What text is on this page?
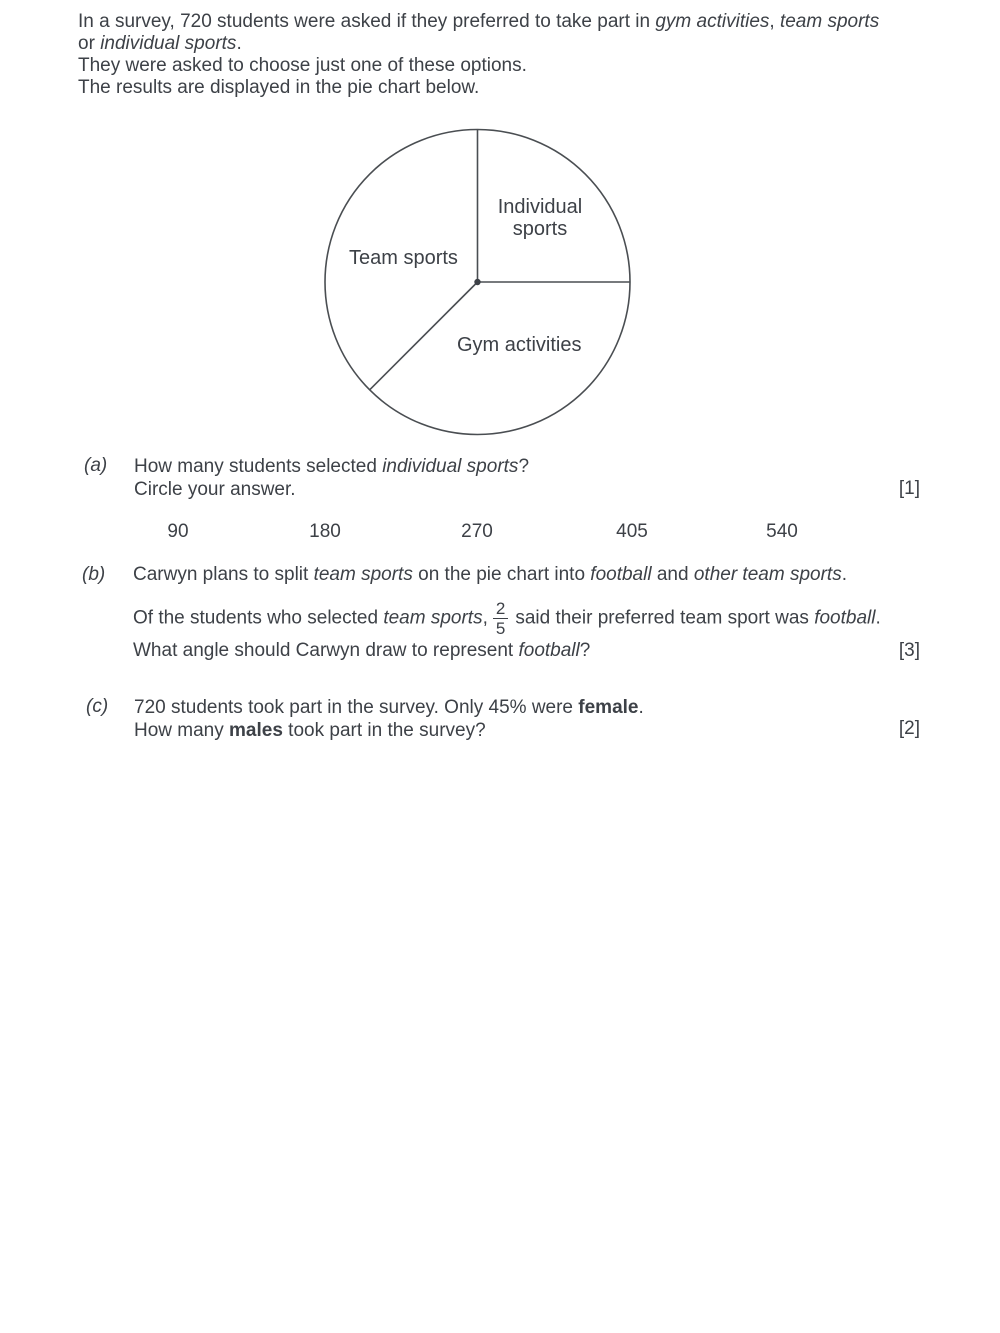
In a survey, 720 students were asked if they preferred to take part in gym activities, team sports
or individual sports.
They were asked to choose just one of these options.
The results are displayed in the pie chart below.
Individual
sports
Team sports
Gym activities
(a) How many students selected individual sports?
Circle your answer.	[1]
90	180	270	405	540
(b) Carwyn plans to split team sports on the pie chart into football and other team sports.
Of the students who selected team sports, $\frac{2}{5}$ said their preferred team sport was football.
What angle should Carwyn draw to represent football?	[3]
(c) 720 students took part in the survey. Only 45% were female.
How many males took part in the survey?	[2]
